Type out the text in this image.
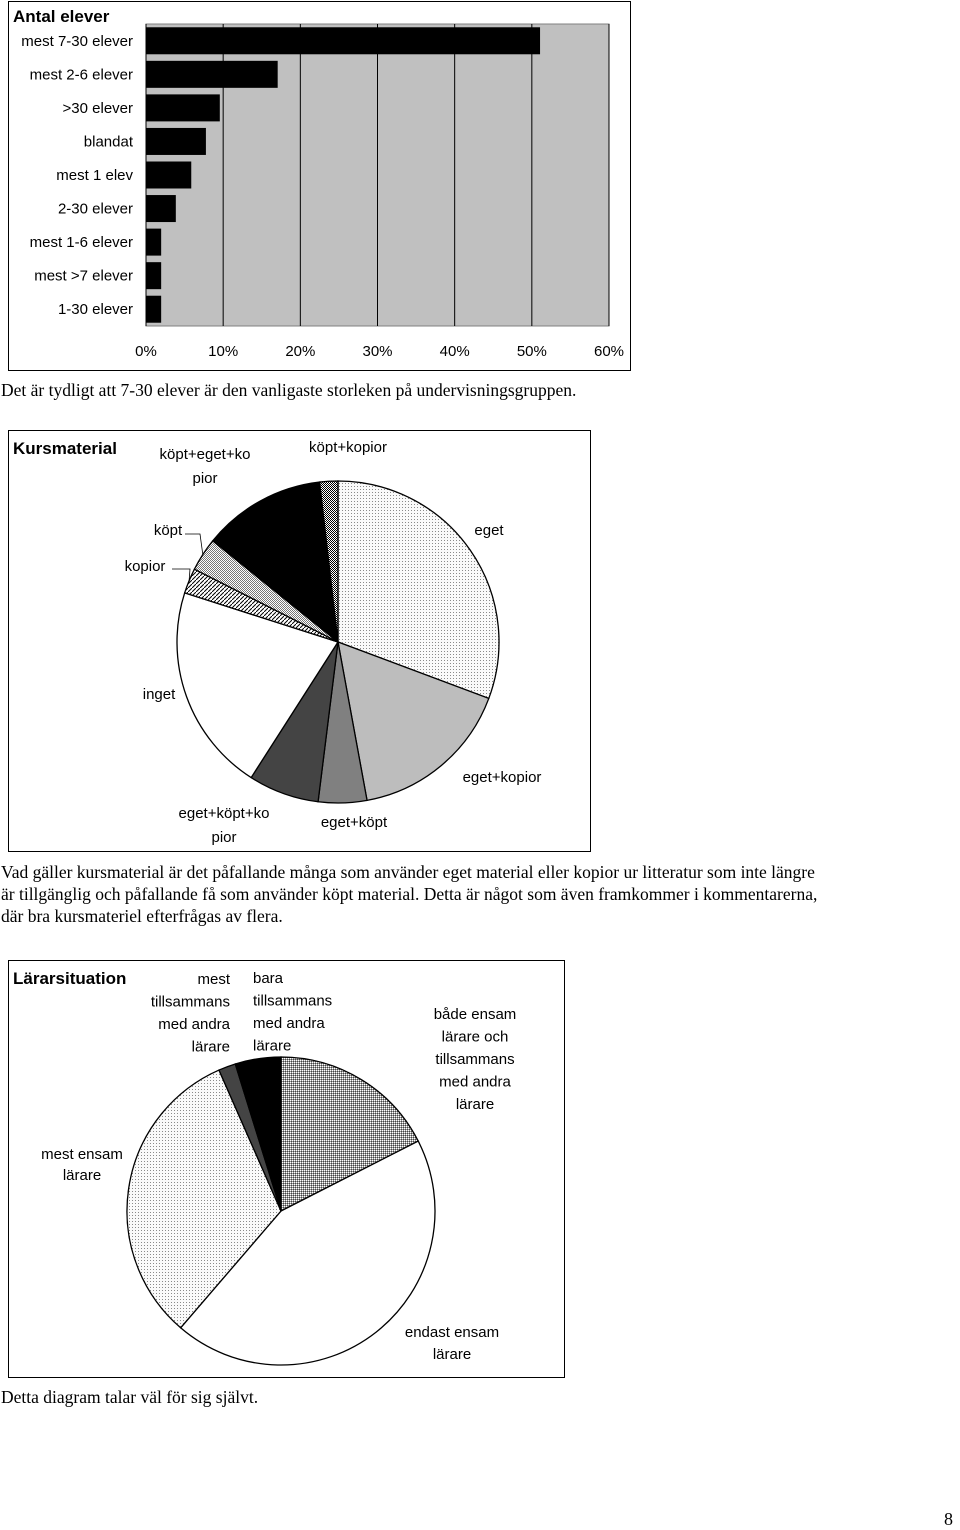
Antal elever
mest 7-30 elever
mest 2-6 elever
>30 elever
blandat
mest 1 elev
2-30 elever
mest 1-6 elever
mest >7 elever
1-30 elever
0%	10%	20%	30%	40%	50%	60%
Det är tydligt att 7-30 elever är den vanligaste storleken på undervisningsgruppen.
Kursmaterial
eget
eget+kopior
eget+köpt
eget+köpt+ko
pior
inget
kopior
köpt
köpt+eget+ko
pior
köpt+kopior
Vad gäller kursmaterial är det påfallande många som använder eget material eller kopior ur litteratur som inte längre
är tillgänglig och påfallande få som använder köpt material. Detta är något som även framkommer i kommentarerna,
där bra kursmateriel efterfrågas av flera.
Lärarsituation
både ensam
lärare och
tillsammans
med andra
lärare
endast ensam
lärare
mest ensam
lärare
mest
tillsammans
med andra
lärare
bara
tillsammans
med andra
lärare
Detta diagram talar väl för sig självt.
8
